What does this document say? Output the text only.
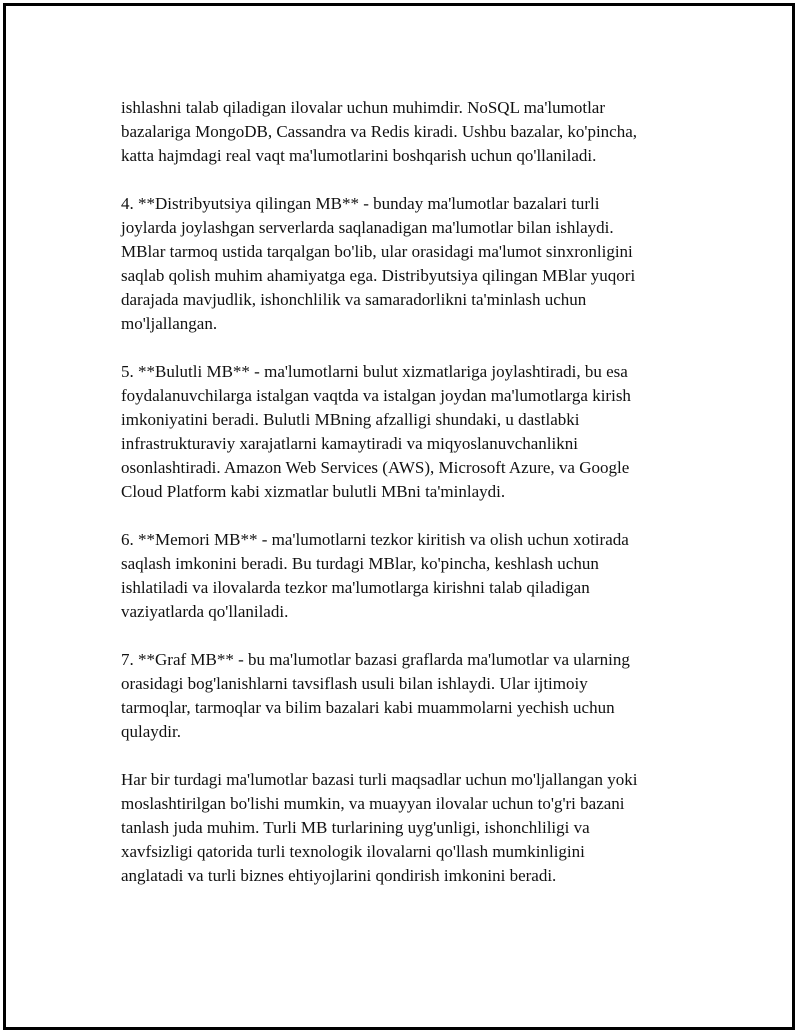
ishlashni talab qiladigan ilovalar uchun muhimdir. NoSQL ma'lumotlar
bazalariga MongoDB, Cassandra va Redis kiradi. Ushbu bazalar, ko'pincha,
katta hajmdagi real vaqt ma'lumotlarini boshqarish uchun qo'llaniladi.

4. **Distribyutsiya qilingan MB** - bunday ma'lumotlar bazalari turli
joylarda joylashgan serverlarda saqlanadigan ma'lumotlar bilan ishlaydi.
MBlar tarmoq ustida tarqalgan bo'lib, ular orasidagi ma'lumot sinxronligini
saqlab qolish muhim ahamiyatga ega. Distribyutsiya qilingan MBlar yuqori
darajada mavjudlik, ishonchlilik va samaradorlikni ta'minlash uchun
mo'ljallangan.

5. **Bulutli MB** - ma'lumotlarni bulut xizmatlariga joylashtiradi, bu esa
foydalanuvchilarga istalgan vaqtda va istalgan joydan ma'lumotlarga kirish
imkoniyatini beradi. Bulutli MBning afzalligi shundaki, u dastlabki
infrastrukturaviy xarajatlarni kamaytiradi va miqyoslanuvchanlikni
osonlashtiradi. Amazon Web Services (AWS), Microsoft Azure, va Google
Cloud Platform kabi xizmatlar bulutli MBni ta'minlaydi.

6. **Memori MB** - ma'lumotlarni tezkor kiritish va olish uchun xotirada
saqlash imkonini beradi. Bu turdagi MBlar, ko'pincha, keshlash uchun
ishlatiladi va ilovalarda tezkor ma'lumotlarga kirishni talab qiladigan
vaziyatlarda qo'llaniladi.

7. **Graf MB** - bu ma'lumotlar bazasi graflarda ma'lumotlar va ularning
orasidagi bog'lanishlarni tavsiflash usuli bilan ishlaydi. Ular ijtimoiy
tarmoqlar, tarmoqlar va bilim bazalari kabi muammolarni yechish uchun
qulaydir.

Har bir turdagi ma'lumotlar bazasi turli maqsadlar uchun mo'ljallangan yoki
moslashtirilgan bo'lishi mumkin, va muayyan ilovalar uchun to'g'ri bazani
tanlash juda muhim. Turli MB turlarining uyg'unligi, ishonchliligi va
xavfsizligi qatorida turli texnologik ilovalarni qo'llash mumkinligini
anglatadi va turli biznes ehtiyojlarini qondirish imkonini beradi.
